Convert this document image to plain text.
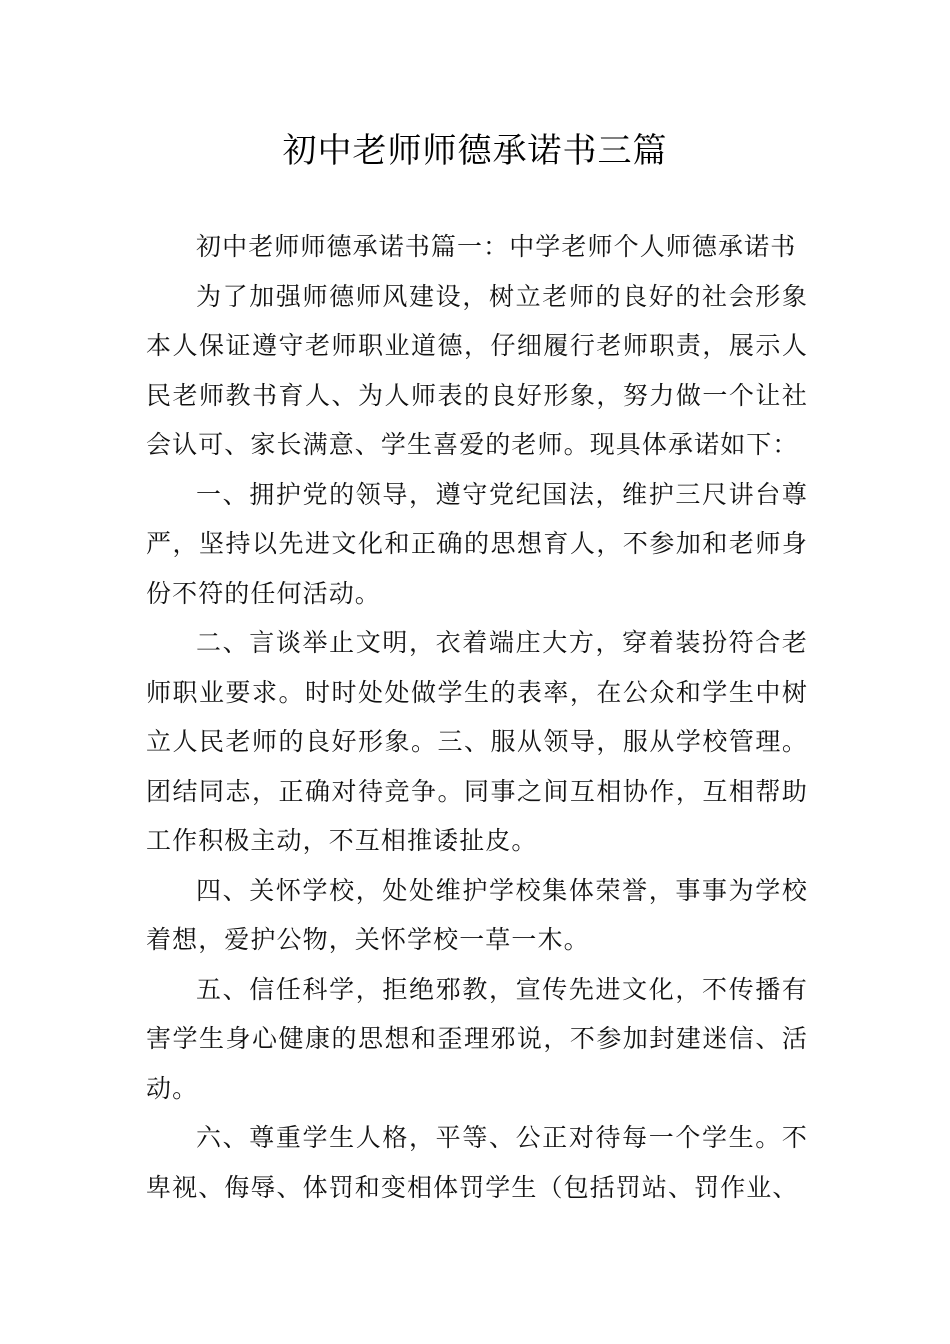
初中老师师德承诺书三篇

初中老师师德承诺书篇一：中学老师个人师德承诺书

为了加强师德师风建设，树立老师的良好的社会形象本人保证遵守老师职业道德，仔细履行老师职责，展示人民老师教书育人、为人师表的良好形象，努力做一个让社会认可、家长满意、学生喜爱的老师。现具体承诺如下：

一、拥护党的领导，遵守党纪国法，维护三尺讲台尊严，坚持以先进文化和正确的思想育人，不参加和老师身份不符的任何活动。

二、言谈举止文明，衣着端庄大方，穿着装扮符合老师职业要求。时时处处做学生的表率，在公众和学生中树立人民老师的良好形象。三、服从领导，服从学校管理。团结同志，正确对待竞争。同事之间互相协作，互相帮助工作积极主动，不互相推诿扯皮。

四、关怀学校，处处维护学校集体荣誉，事事为学校着想，爱护公物，关怀学校一草一木。

五、信任科学，拒绝邪教，宣传先进文化，不传播有害学生身心健康的思想和歪理邪说，不参加封建迷信、活动。

六、尊重学生人格，平等、公正对待每一个学生。不卑视、侮辱、体罚和变相体罚学生（包括罚站、罚作业、
